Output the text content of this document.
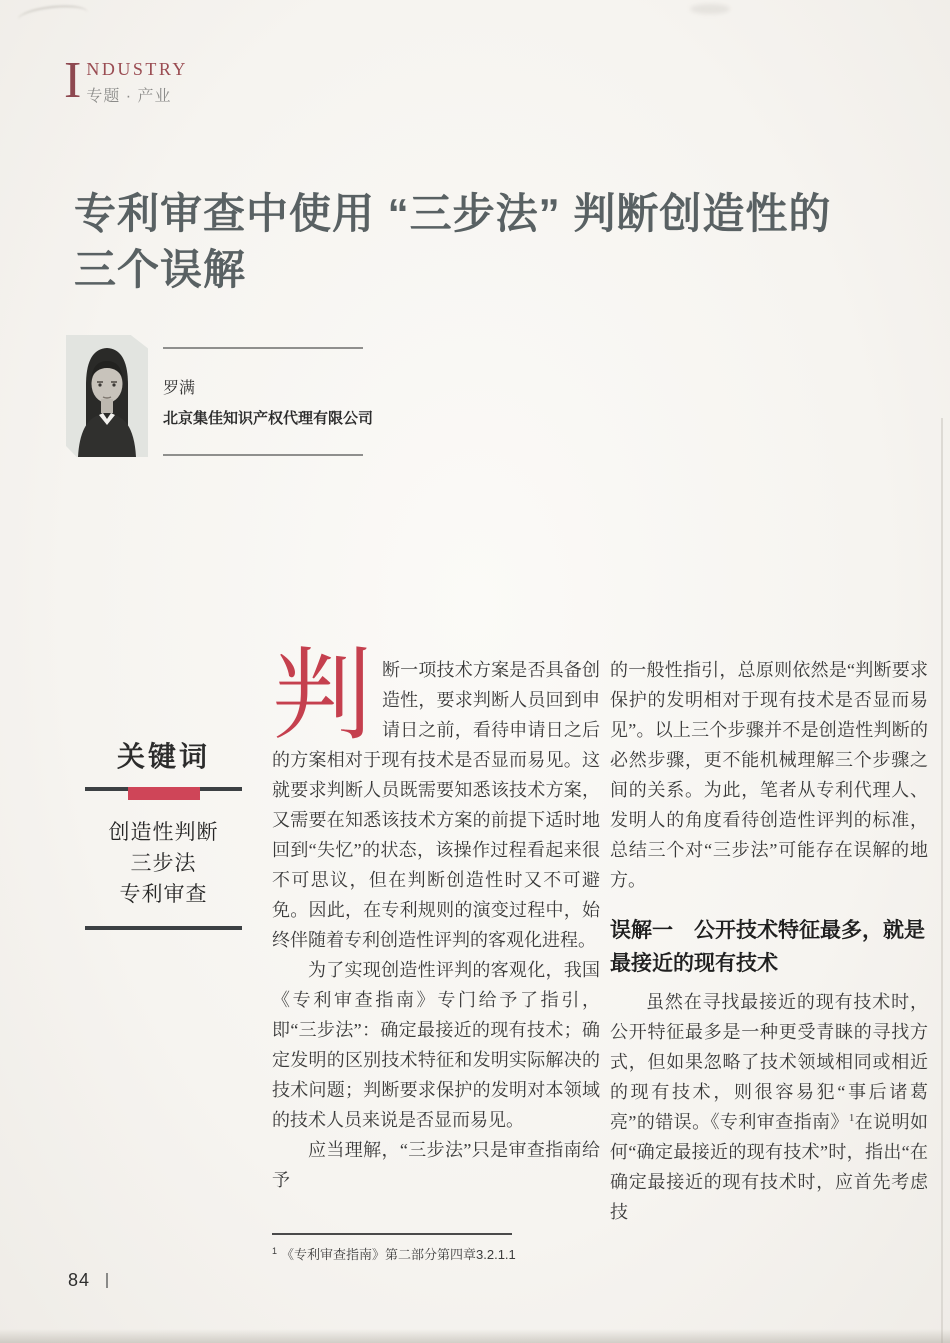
I NDUSTRY
专题 · 产业
专利审查中使用 “三步法” 判断创造性的
三个误解
罗满
北京集佳知识产权代理有限公司
关键词
创造性判断
三步法
专利审查

判断一项技术方案是否具备创造性，要求判断人员回到申请日之前，看待申请日之后的方案相对于现有技术是否显而易见。这就要求判断人员既需要知悉该技术方案，又需要在知悉该技术方案的前提下适时地回到“失忆”的状态，该操作过程看起来很不可思议，但在判断创造性时又不可避免。因此，在专利规则的演变过程中，始终伴随着专利创造性评判的客观化进程。

为了实现创造性评判的客观化，我国《专利审查指南》专门给予了指引，即“三步法”：确定最接近的现有技术；确定发明的区别技术特征和发明实际解决的技术问题；判断要求保护的发明对本领域的技术人员来说是否显而易见。

应当理解，“三步法”只是审查指南给予

的一般性指引，总原则依然是“判断要求保护的发明相对于现有技术是否显而易见”。以上三个步骤并不是创造性判断的必然步骤，更不能机械理解三个步骤之间的关系。为此，笔者从专利代理人、发明人的角度看待创造性评判的标准，总结三个对“三步法”可能存在误解的地方。

误解一　公开技术特征最多，就是最接近的现有技术

虽然在寻找最接近的现有技术时，公开特征最多是一种更受青睐的寻找方式，但如果忽略了技术领域相同或相近的现有技术，则很容易犯“事后诸葛亮”的错误。《专利审查指南》$^1$在说明如何“确定最接近的现有技术”时，指出“在确定最接近的现有技术时，应首先考虑技

$^1$ 《专利审查指南》第二部分第四章3.2.1.1
84
